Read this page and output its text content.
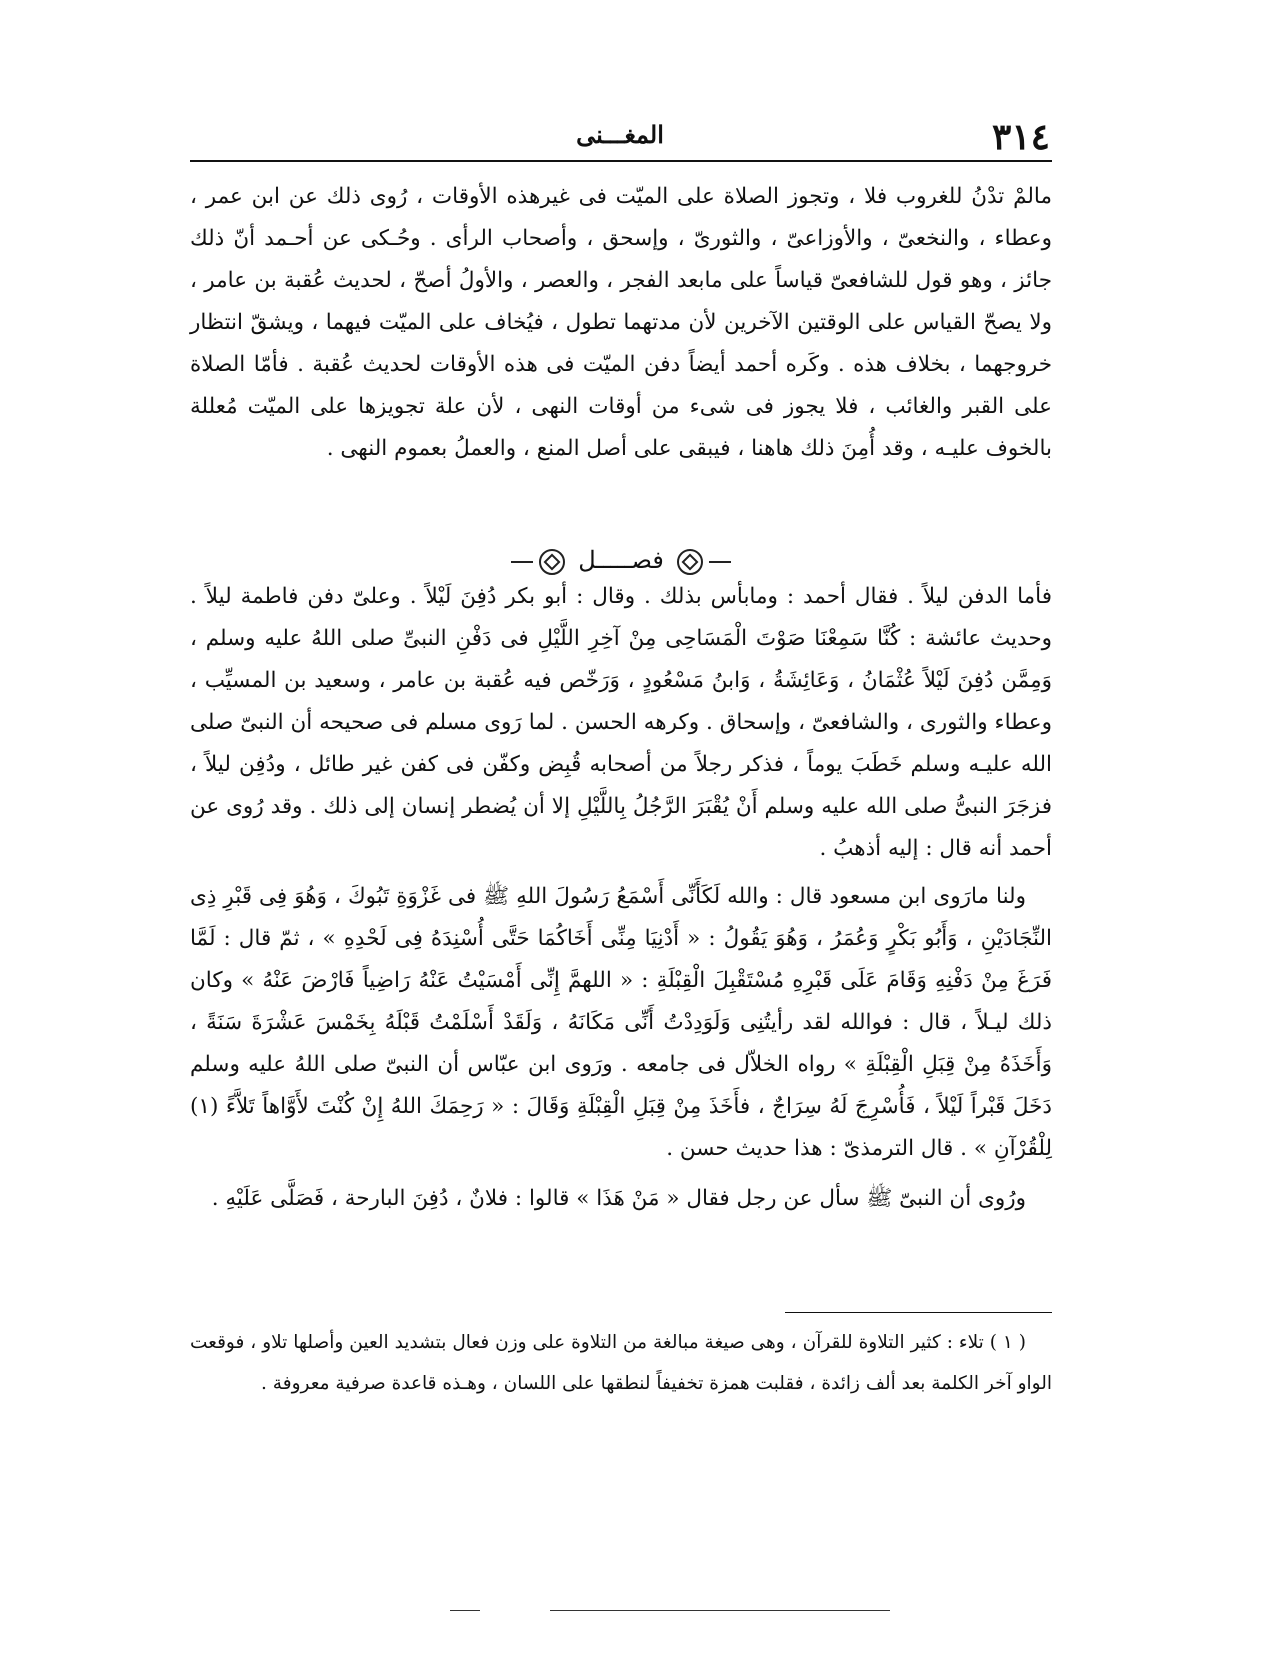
٣١٤
المغـــنى

مالمْ تدْنُ للغروب فلا ، وتجوز الصلاة على الميّت فى غيرهذه الأوقات ، رُوى ذلك عن ابن عمر ، وعطاء ، والنخعىّ ، والأوزاعىّ ، والثورىّ ، وإسحق ، وأصحاب الرأى . وحُـكى عن أحـمد أنّ ذلك جائز ، وهو قول للشافعىّ قياساً على مابعد الفجر ، والعصر ، والأولُ أصحّ ، لحديث عُقبة بن عامر ، ولا يصحّ القياس على الوقتين الآخرين لأن مدتهما تطول ، فيُخاف على الميّت فيهما ، ويشقّ انتظار خروجهما ، بخلاف هذه . وكَره أحمد أيضاً دفن الميّت فى هذه الأوقات لحديث عُقبة . فأمّا الصلاة على القبر والغائب ، فلا يجوز فى شىء من أوقات النهى ، لأن علة تجويزها على الميّت مُعللة بالخوف عليـه ، وقد أُمِنَ ذلك هاهنا ، فيبقى على أصل المنع ، والعملُ بعموم النهى .

فصـــــل

فأما الدفن ليلاً . فقال أحمد : ومابأس بذلك . وقال : أبو بكر دُفِنَ لَيْلاً . وعلىّ دفن فاطمة ليلاً . وحديث عائشة : كُنَّا سَمِعْنَا صَوْتَ الْمَسَاحِى مِنْ آخِرِ اللَّيْلِ فى دَفْنِ النبىِّ صلى اللهُ عليه وسلم ، وَمِمَّن دُفِنَ لَيْلاً عُثْمَانُ ، وَعَائِشَةُ ، وَابنُ مَسْعُودٍ ، وَرَخّص فيه عُقبة بن عامر ، وسعيد بن المسيِّب ، وعطاء والثورى ، والشافعىّ ، وإسحاق . وكرهه الحسن . لما رَوى مسلم فى صحيحه أن النبىّ صلى الله عليـه وسلم خَطَبَ يوماً ، فذكر رجلاً من أصحابه قُبِض وكفّن فى كفن غير طائل ، ودُفِن ليلاً ، فزجَرَ النبىُّ صلى الله عليه وسلم أَنْ يُقْبَرَ الرَّجُلُ بِاللَّيْلِ إلا أن يُضطر إنسان إلى ذلك . وقد رُوى عن أحمد أنه قال : إليه أذهبُ .

ولنا مارَوى ابن مسعود قال : والله لَكَأَنِّى أَسْمَعُ رَسُولَ اللهِ ﷺ فى غَزْوَةِ تَبُوكَ ، وَهُوَ فِى قَبْرِ ذِى النِّجَادَيْنِ ، وَأَبُو بَكْرٍ وَعُمَرُ ، وَهُوَ يَقُولُ : « أَدْنِيَا مِنِّى أَخَاكُمَا حَتَّى أُسْنِدَهُ فِى لَحْدِهِ » ، ثمّ قال : لَمَّا فَرَغَ مِنْ دَفْنِهِ وَقَامَ عَلَى قَبْرِهِ مُسْتَقْبِلَ الْقِبْلَةِ : « اللهمَّ إِنِّى أَمْسَيْتُ عَنْهُ رَاضِياً فَارْضَ عَنْهُ » وكان ذلك ليـلاً ، قال : فوالله لقد رأيتُنِى وَلَوَدِدْتُ أَنِّى مَكَانَهُ ، وَلَقَدْ أَسْلَمْتُ قَبْلَهُ بِخَمْسَ عَشْرَةَ سَنَةً ، وَأَخَذَهُ مِنْ قِبَلِ الْقِبْلَةِ » رواه الخلاّل فى جامعه . ورَوى ابن عبّاس أن النبىّ صلى اللهُ عليه وسلم دَخَلَ قَبْراً لَيْلاً ، فَأُسْرِجَ لَهُ سِرَاجٌ ، فأَخَذَ مِنْ قِبَلِ الْقِبْلَةِ وَقَالَ : « رَحِمَكَ اللهُ إِنْ كُنْتَ لأَوَّاهاً تَلاَّءً (١) لِلْقُرْآنِ » . قال الترمذىّ : هذا حديث حسن .

ورُوى أن النبىّ ﷺ سأل عن رجل فقال « مَنْ هَذَا » قالوا : فلانٌ ، دُفِنَ البارحة ، فَصَلَّى عَلَيْهِ .

( ١ ) تلاء : كثير التلاوة للقرآن ، وهى صيغة مبالغة من التلاوة على وزن فعال بتشديد العين وأصلها تلاو ، فوقعت الواو آخر الكلمة بعد ألف زائدة ، فقلبت همزة تخفيفاً لنطقها على اللسان ، وهـذه قاعدة صرفية معروفة .
